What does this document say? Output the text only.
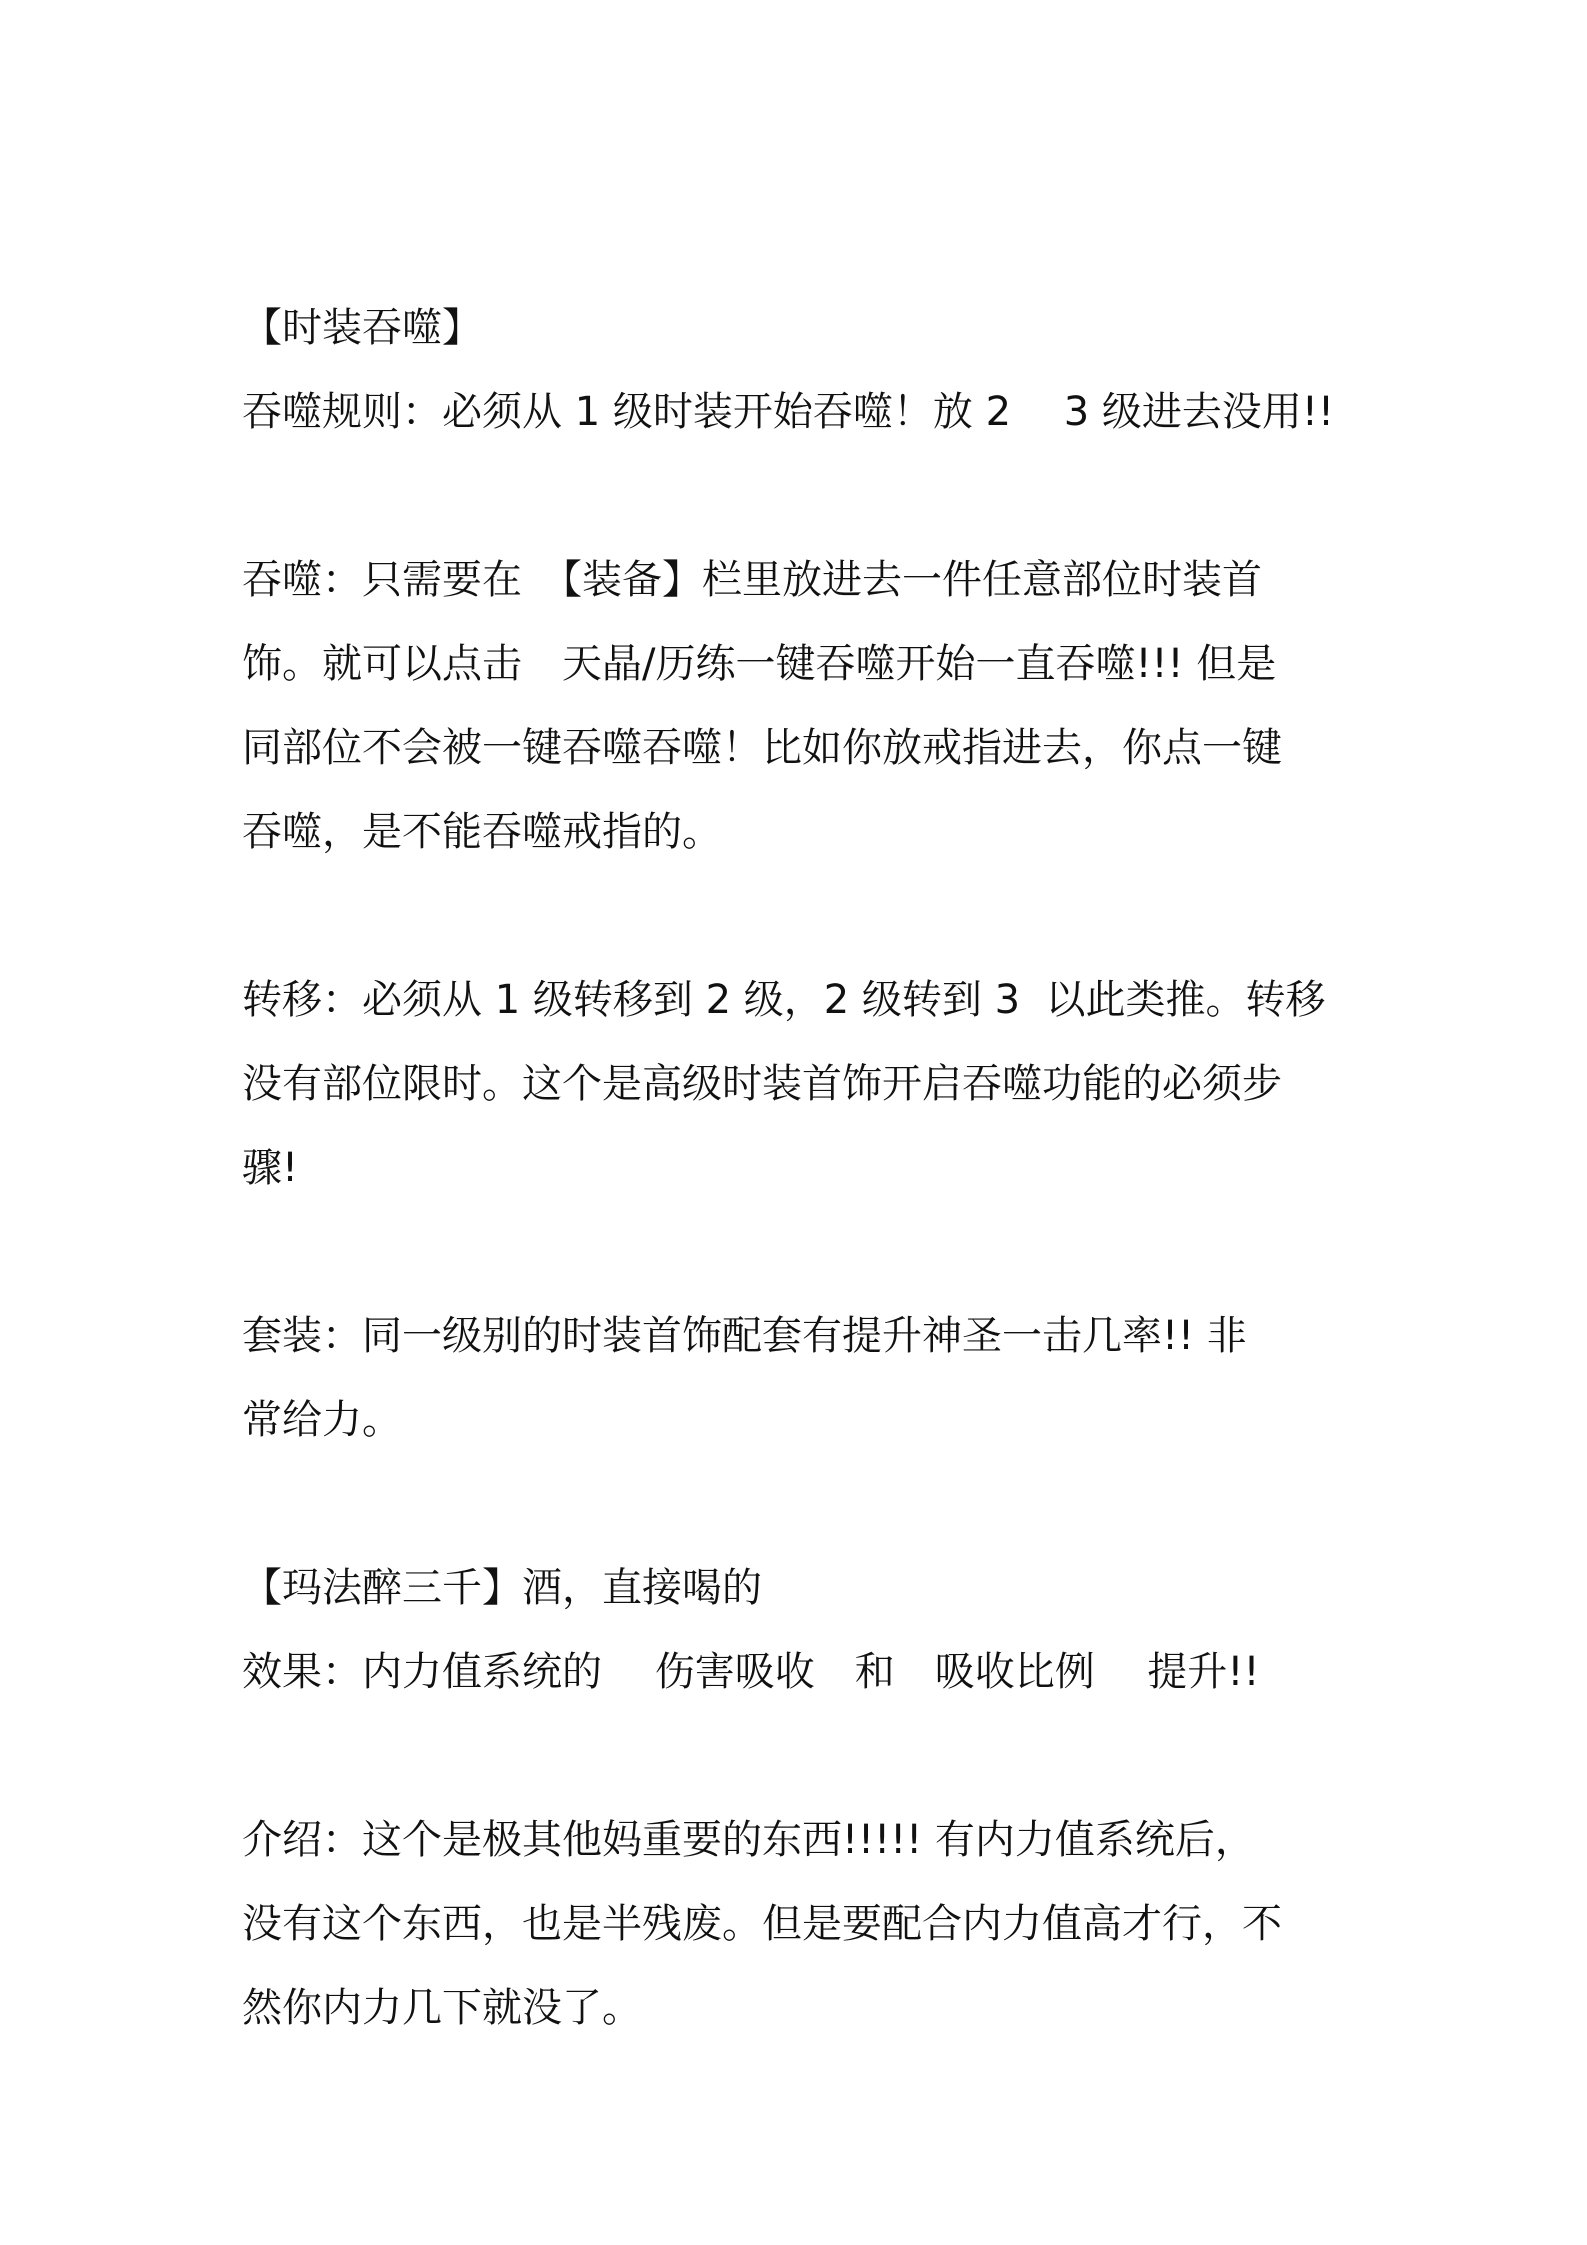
【时装吞噬】

吞噬规则：必须从 1 级时装开始吞噬！放 2　 3 级进去没用!!

吞噬：只需要在　【装备】栏里放进去一件任意部位时装首

饰。就可以点击　天晶/历练一键吞噬开始一直吞噬!!! 但是

同部位不会被一键吞噬吞噬！比如你放戒指进去，你点一键

吞噬，是不能吞噬戒指的。

转移：必须从 1 级转移到 2 级，2 级转到 3  以此类推。转移

没有部位限时。这个是高级时装首饰开启吞噬功能的必须步

骤!

套装：同一级别的时装首饰配套有提升神圣一击几率!! 非

常给力。

【玛法醉三千】酒，直接喝的

效果：内力值系统的　 伤害吸收　和　吸收比例　 提升!!

介绍：这个是极其他妈重要的东西!!!!! 有内力值系统后，

没有这个东西，也是半残废。但是要配合内力值高才行，不

然你内力几下就没了。
